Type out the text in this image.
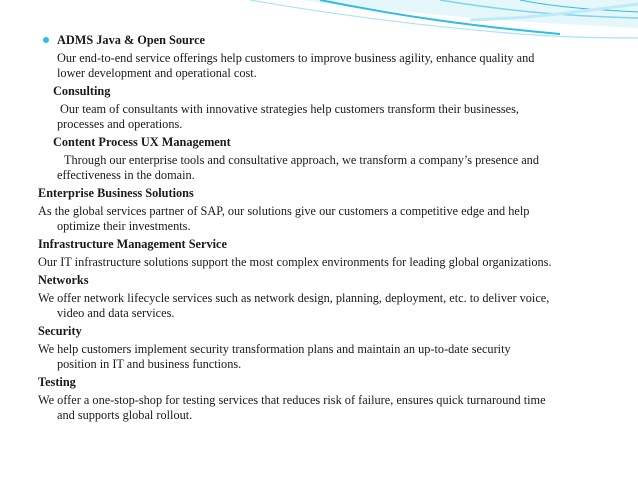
ADMS Java & Open Source
Our end-to-end service offerings help customers to improve business agility, enhance quality and
lower development and operational cost.
Consulting
Our team of consultants with innovative strategies help customers transform their businesses,
processes and operations.
Content Process UX Management
Through our enterprise tools and consultative approach, we transform a company’s presence and
effectiveness in the domain.
Enterprise Business Solutions
As the global services partner of SAP, our solutions give our customers a competitive edge and help
optimize their investments.
Infrastructure Management Service
Our IT infrastructure solutions support the most complex environments for leading global organizations.
Networks
We offer network lifecycle services such as network design, planning, deployment, etc. to deliver voice,
video and data services.
Security
We help customers implement security transformation plans and maintain an up-to-date security
position in IT and business functions.
Testing
We offer a one-stop-shop for testing services that reduces risk of failure, ensures quick turnaround time
and supports global rollout.
